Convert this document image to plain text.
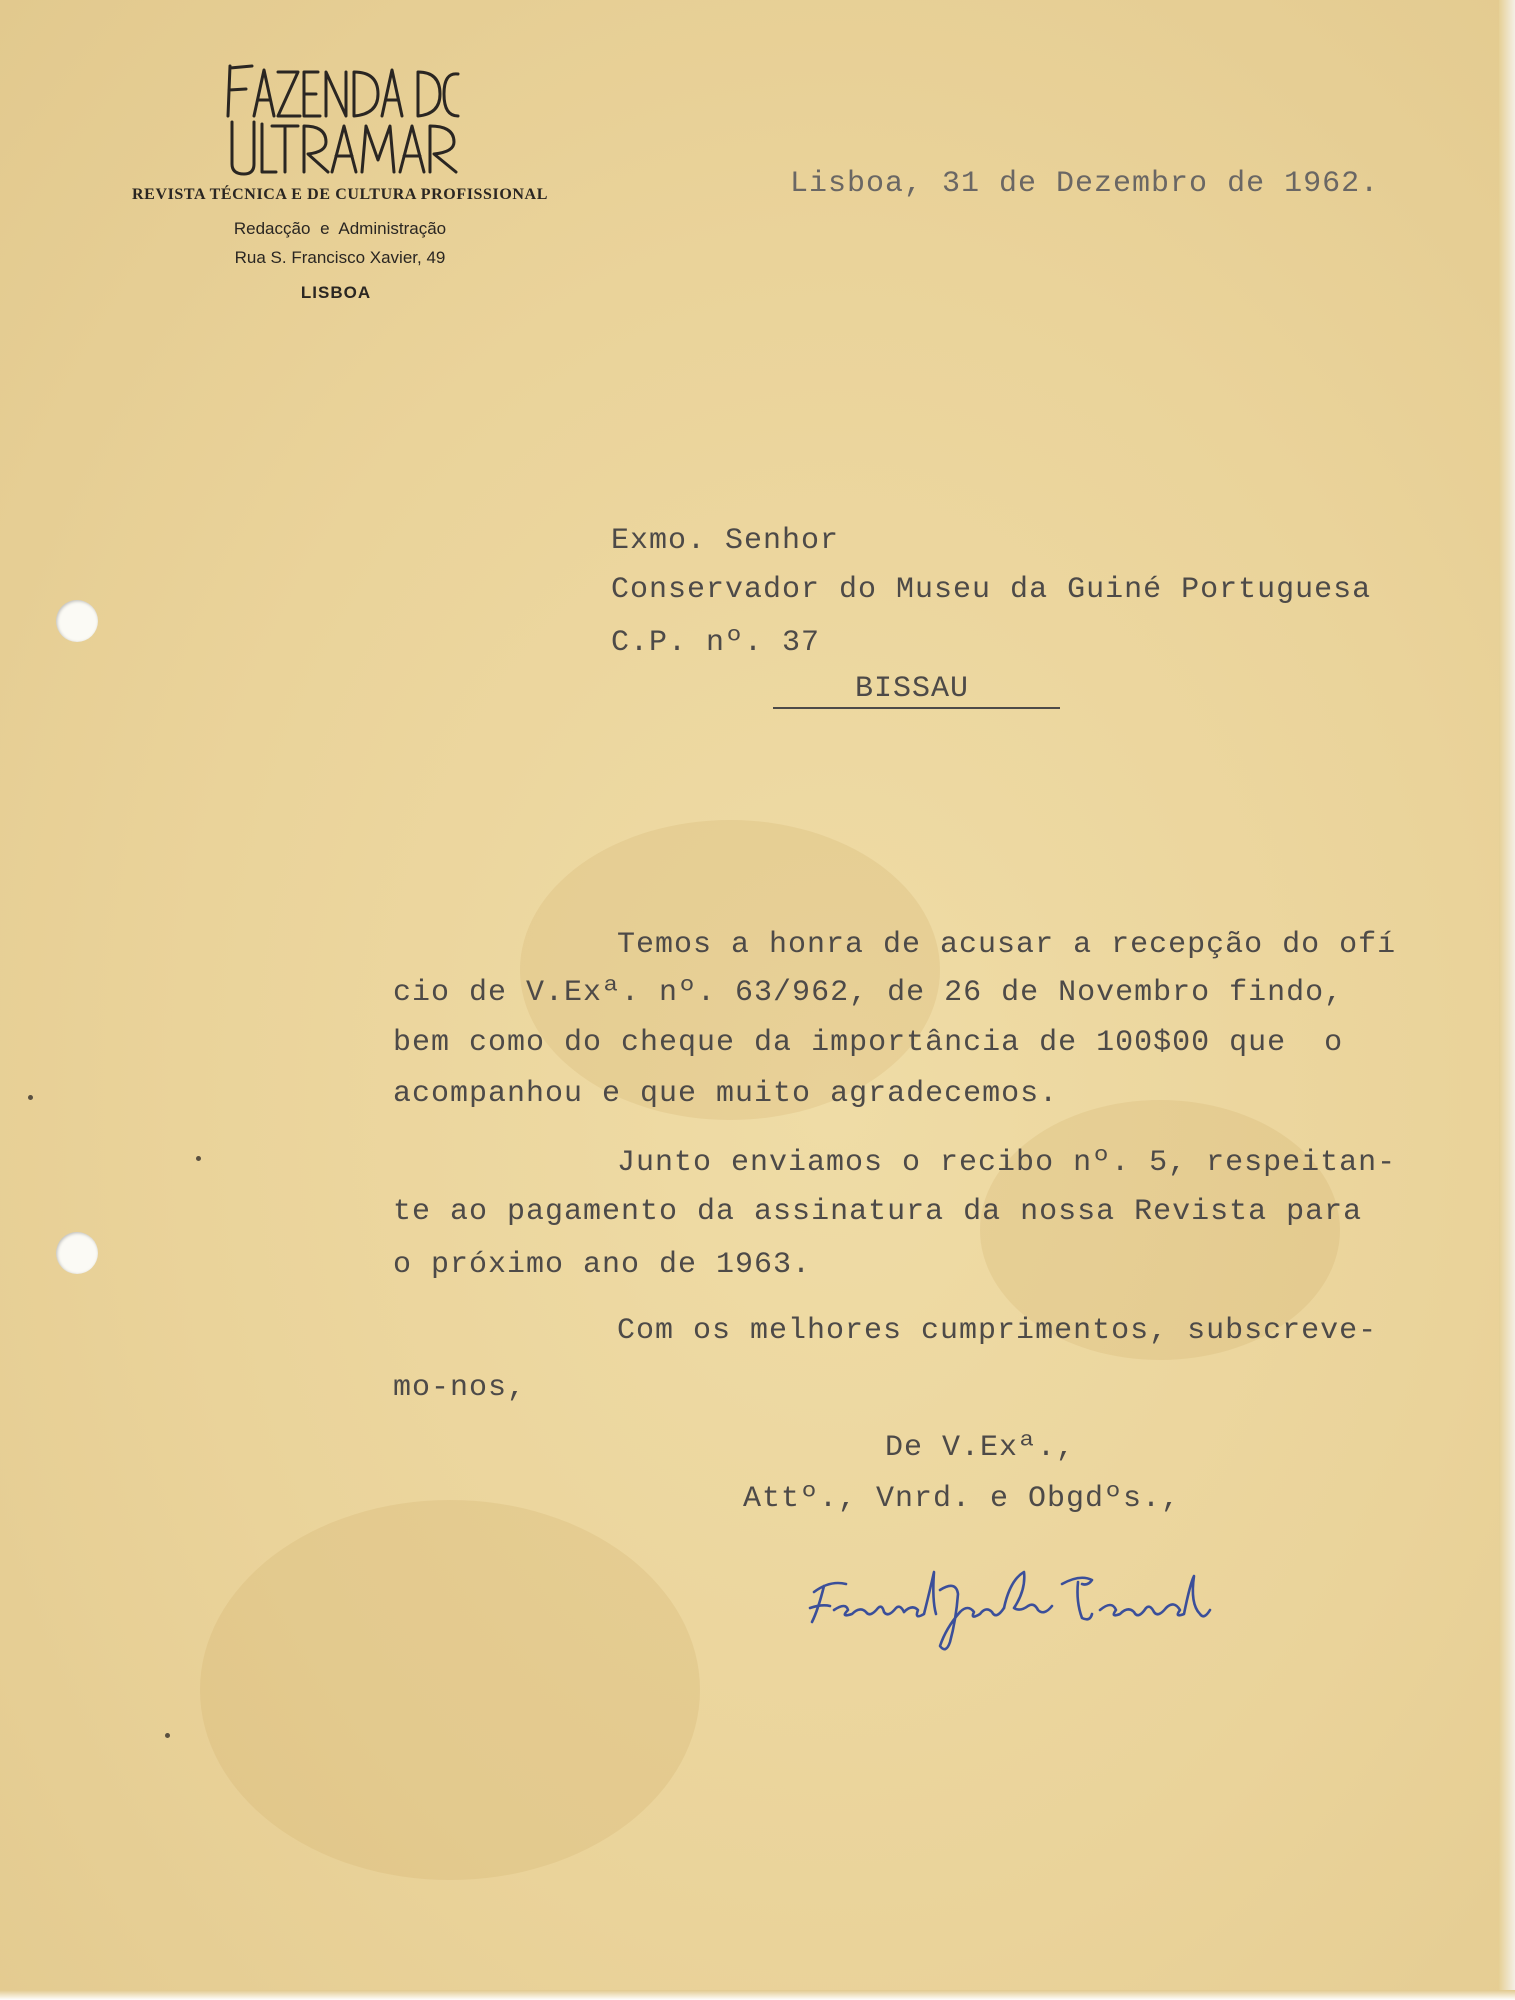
REVISTA TÉCNICA E DE CULTURA PROFISSIONAL
Redacção e Administração
Rua S. Francisco Xavier, 49
LISBOA
Lisboa, 31 de Dezembro de 1962.
Exmo. Senhor
Conservador do Museu da Guiné Portuguesa
C.P. nº. 37
BISSAU
Temos a honra de acusar a recepção do ofí
cio de V.Exª. nº. 63/962, de 26 de Novembro findo,
bem como do cheque da importância de 100$00 que  o
acompanhou e que muito agradecemos.
Junto enviamos o recibo nº. 5, respeitan-
te ao pagamento da assinatura da nossa Revista para
o próximo ano de 1963.
Com os melhores cumprimentos, subscreve-
mo-nos,
De V.Exª.,
Attº., Vnrd. e Obgdºs.,
